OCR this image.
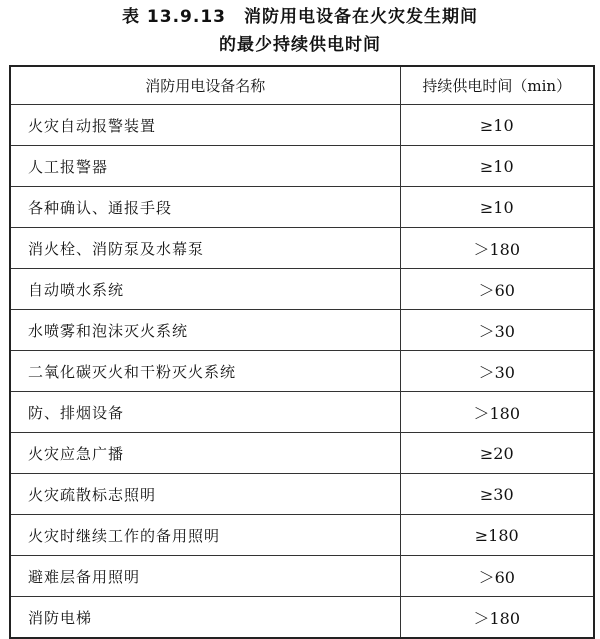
表 13.9.13　消防用电设备在火灾发生期间
的最少持续供电时间
消防用电设备名称	持续供电时间（min）
火灾自动报警装置	≥10
人工报警器	≥10
各种确认、通报手段	≥10
消火栓、消防泵及水幕泵	＞180
自动喷水系统	＞60
水喷雾和泡沫灭火系统	＞30
二氧化碳灭火和干粉灭火系统	＞30
防、排烟设备	＞180
火灾应急广播	≥20
火灾疏散标志照明	≥30
火灾时继续工作的备用照明	≥180
避难层备用照明	＞60
消防电梯	＞180
